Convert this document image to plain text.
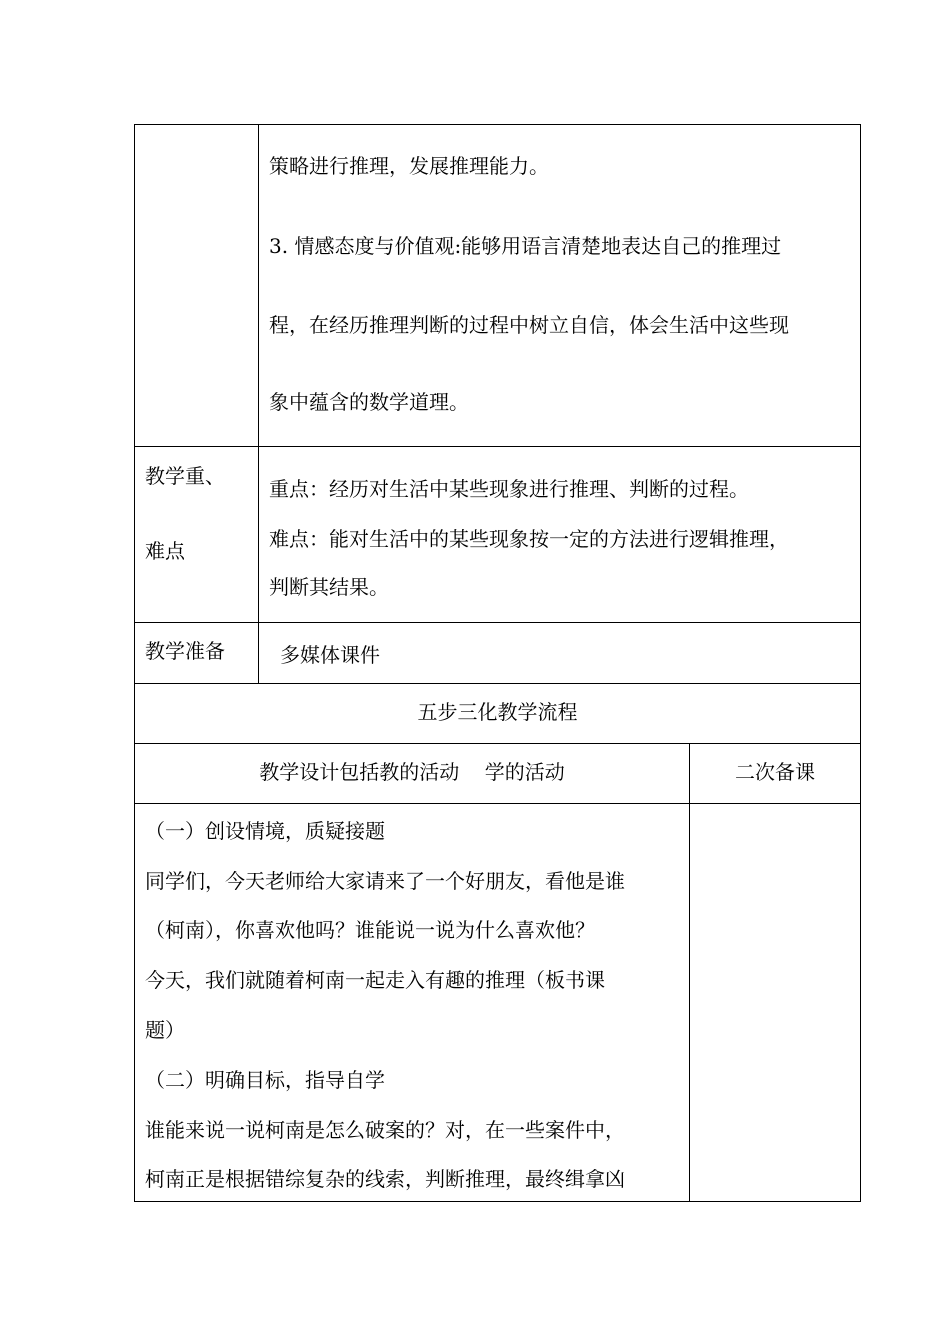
策略进行推理，发展推理能力。
3. 情感态度与价值观:能够用语言清楚地表达自己的推理过
程，在经历推理判断的过程中树立自信，体会生活中这些现
象中蕴含的数学道理。
教学重、
难点
重点：经历对生活中某些现象进行推理、判断的过程。
难点：能对生活中的某些现象按一定的方法进行逻辑推理，
判断其结果。
教学准备	多媒体课件
五步三化教学流程
教学设计包括教的活动    学的活动	二次备课
（一）创设情境，质疑接题
同学们，今天老师给大家请来了一个好朋友，看他是谁
（柯南），你喜欢他吗？谁能说一说为什么喜欢他？
今天，我们就随着柯南一起走入有趣的推理（板书课
题）
（二）明确目标，指导自学
谁能来说一说柯南是怎么破案的？对，在一些案件中，
柯南正是根据错综复杂的线索，判断推理，最终缉拿凶
